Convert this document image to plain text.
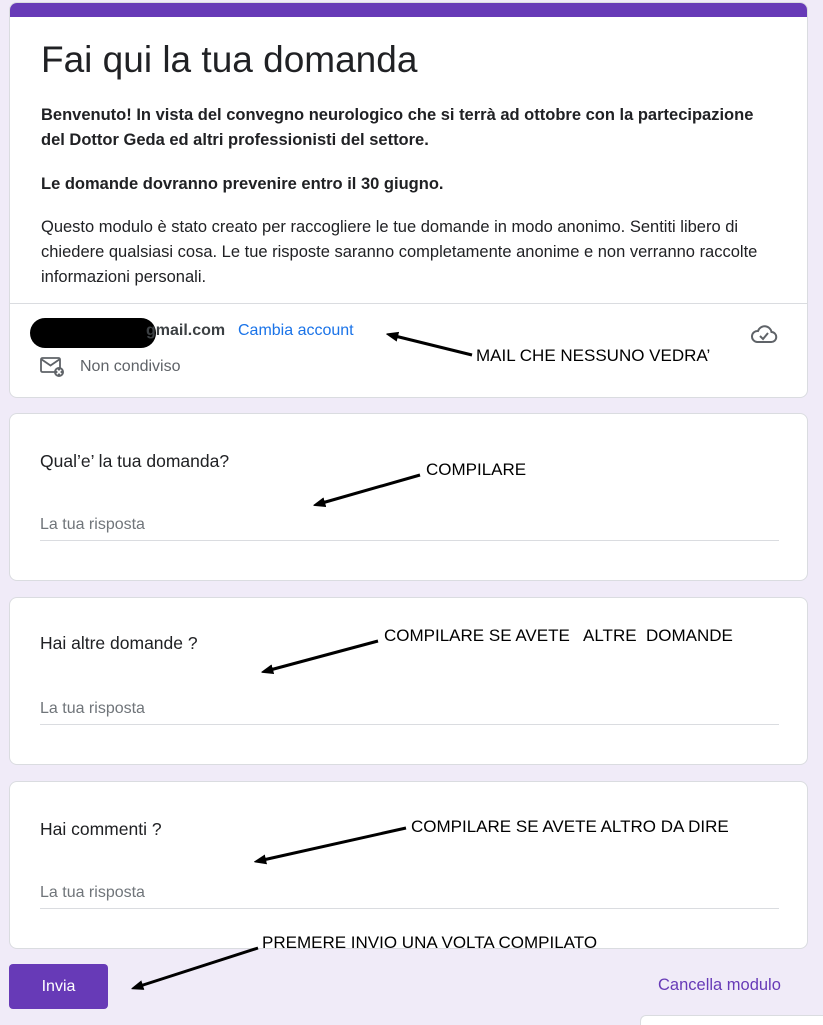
Fai qui la tua domanda

Benvenuto! In vista del convegno neurologico che si terrà ad ottobre con la partecipazione del Dottor Geda ed altri professionisti del settore.

Le domande dovranno prevenire entro il 30 giugno.

Questo modulo è stato creato per raccogliere le tue domande in modo anonimo. Sentiti libero di chiedere qualsiasi cosa. Le tue risposte saranno completamente anonime e non verranno raccolte informazioni personali.

gmail.com Cambia account
Non condiviso
Qual’e’ la tua domanda?
La tua risposta
Hai altre domande ?
La tua risposta
Hai commenti ?
La tua risposta
Invia	Cancella modulo
MAIL CHE NESSUNO VEDRA’
COMPILARE
COMPILARE SE AVETE   ALTRE  DOMANDE
COMPILARE SE AVETE ALTRO DA DIRE
PREMERE INVIO UNA VOLTA COMPILATO
